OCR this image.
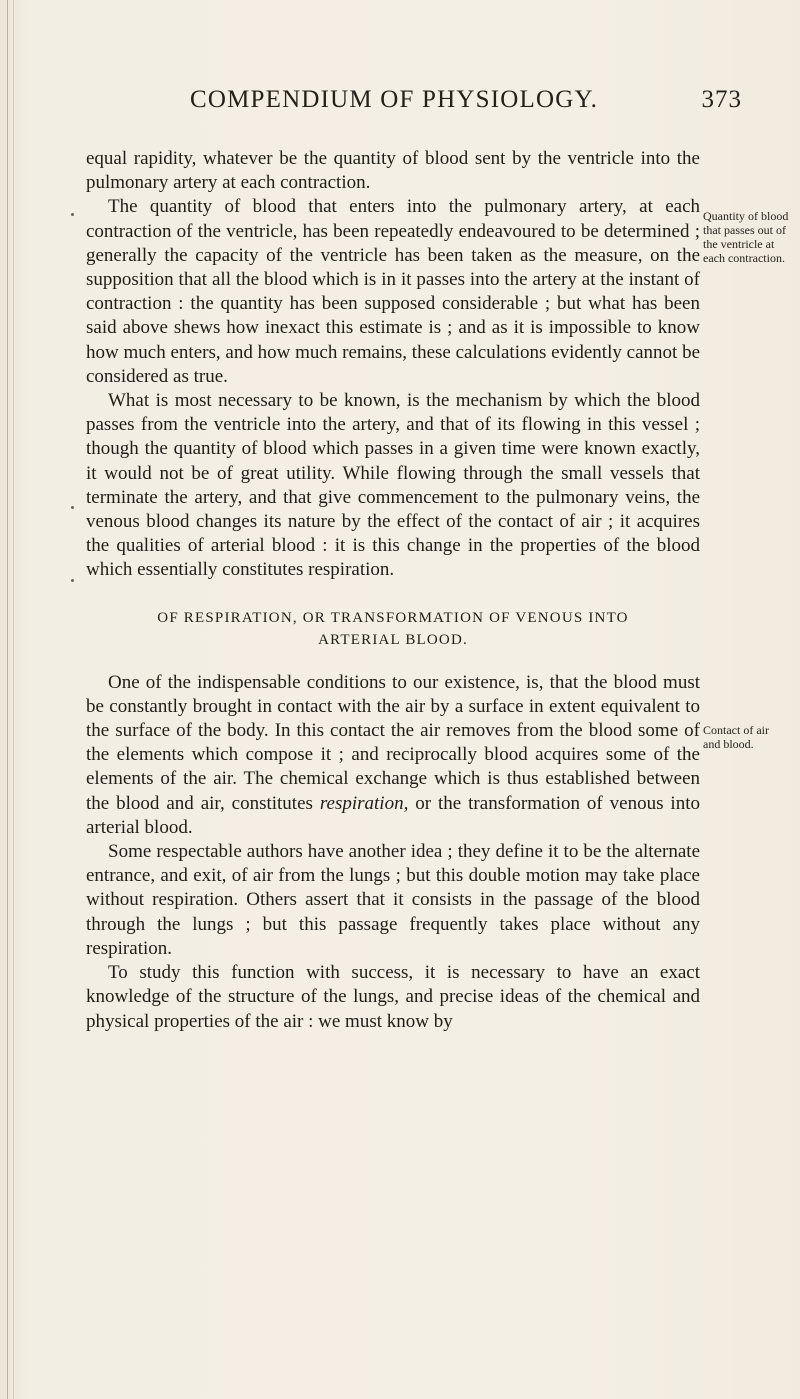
COMPENDIUM OF PHYSIOLOGY.	373

equal rapidity, whatever be the quantity of blood sent by the ventricle into the pulmonary artery at each contraction.

The quantity of blood that enters into the pulmonary artery, at each contraction of the ventricle, has been repeatedly endeavoured to be determined ; generally the capacity of the ventricle has been taken as the measure, on the supposition that all the blood which is in it passes into the artery at the instant of contraction : the quantity has been supposed considerable ; but what has been said above shews how inexact this estimate is ; and as it is impossible to know how much enters, and how much remains, these calculations evidently cannot be considered as true.

What is most necessary to be known, is the mechanism by which the blood passes from the ventricle into the artery, and that of its flowing in this vessel ; though the quantity of blood which passes in a given time were known exactly, it would not be of great utility. While flowing through the small vessels that terminate the artery, and that give commencement to the pulmonary veins, the venous blood changes its nature by the effect of the contact of air ; it acquires the qualities of arterial blood : it is this change in the properties of the blood which essentially constitutes respiration.

OF RESPIRATION, OR TRANSFORMATION OF VENOUS INTO
ARTERIAL BLOOD.

One of the indispensable conditions to our existence, is, that the blood must be constantly brought in contact with the air by a surface in extent equivalent to the surface of the body. In this contact the air removes from the blood some of the elements which compose it ; and reciprocally blood acquires some of the elements of the air. The chemical exchange which is thus established between the blood and air, constitutes respiration, or the transformation of venous into arterial blood.

Some respectable authors have another idea ; they define it to be the alternate entrance, and exit, of air from the lungs ; but this double motion may take place without respiration. Others assert that it consists in the passage of the blood through the lungs ; but this passage frequently takes place without any respiration.

To study this function with success, it is necessary to have an exact knowledge of the structure of the lungs, and precise ideas of the chemical and physical properties of the air : we must know by

Quantity of blood that passes out of the ventricle at each contraction.
Contact of air and blood.
